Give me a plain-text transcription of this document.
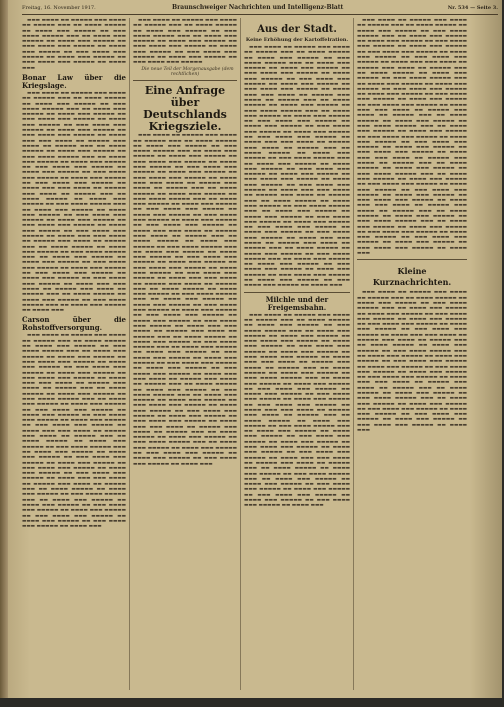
Freitag, 16. November 1917.	Braunschweiger Nachrichten und Intelligenz-Blatt	Nr. 534 — Seite 3.

▬▬▬ ▬▬▬▬ ▬▬ ▬▬▬▬▬ ▬▬▬ ▬▬▬▬ ▬▬ ▬▬▬▬▬ ▬▬▬ ▬▬ ▬▬▬▬ ▬▬▬▬▬ ▬▬ ▬▬▬▬ ▬▬▬ ▬▬▬▬▬ ▬▬ ▬▬▬ ▬▬▬▬ ▬▬▬▬▬ ▬▬▬ ▬▬ ▬▬▬▬ ▬▬▬ ▬▬▬▬▬ ▬▬ ▬▬▬▬ ▬▬▬ ▬▬▬▬▬ ▬▬ ▬▬▬ ▬▬▬▬ ▬▬▬ ▬▬▬▬▬ ▬▬ ▬▬▬▬ ▬▬▬ ▬▬▬▬▬ ▬▬ ▬▬▬ ▬▬▬▬ ▬▬▬ ▬▬▬▬▬ ▬▬ ▬▬▬▬ ▬▬▬ ▬▬▬▬▬ ▬▬ ▬▬▬ ▬▬▬▬ ▬▬▬ ▬▬▬▬▬ ▬▬ ▬▬▬▬ ▬▬▬

Bonar Law über die Kriegslage.

▬▬▬ ▬▬▬▬ ▬▬ ▬▬▬▬▬ ▬▬▬ ▬▬▬▬ ▬▬ ▬▬▬▬▬ ▬▬▬ ▬▬ ▬▬▬▬ ▬▬▬▬▬ ▬▬ ▬▬▬▬ ▬▬▬ ▬▬▬▬▬ ▬▬ ▬▬▬ ▬▬▬▬ ▬▬▬▬▬ ▬▬▬ ▬▬ ▬▬▬▬ ▬▬▬ ▬▬▬▬▬ ▬▬ ▬▬▬▬ ▬▬▬ ▬▬▬▬▬ ▬▬ ▬▬▬ ▬▬▬▬ ▬▬▬ ▬▬▬▬▬ ▬▬ ▬▬▬▬ ▬▬▬ ▬▬▬▬▬ ▬▬ ▬▬▬ ▬▬▬▬ ▬▬▬ ▬▬▬▬▬ ▬▬ ▬▬▬▬ ▬▬▬ ▬▬▬▬▬ ▬▬ ▬▬▬ ▬▬▬▬ ▬▬▬ ▬▬▬▬▬ ▬▬ ▬▬▬▬ ▬▬▬ ▬▬▬ ▬▬▬▬ ▬▬ ▬▬▬▬▬ ▬▬▬ ▬▬▬▬ ▬▬ ▬▬▬▬▬ ▬▬▬ ▬▬ ▬▬▬▬ ▬▬▬▬▬ ▬▬ ▬▬▬▬ ▬▬▬ ▬▬▬▬▬ ▬▬ ▬▬▬ ▬▬▬▬ ▬▬▬▬▬ ▬▬▬ ▬▬ ▬▬▬▬ ▬▬▬ ▬▬▬▬▬ ▬▬ ▬▬▬▬ ▬▬▬ ▬▬▬▬▬ ▬▬ ▬▬▬ ▬▬▬▬ ▬▬▬ ▬▬▬▬▬ ▬▬ ▬▬▬▬ ▬▬▬ ▬▬▬▬▬ ▬▬ ▬▬▬ ▬▬▬▬ ▬▬▬ ▬▬▬▬▬ ▬▬ ▬▬▬▬ ▬▬▬ ▬▬▬▬▬ ▬▬ ▬▬▬ ▬▬▬▬ ▬▬▬ ▬▬▬▬▬ ▬▬ ▬▬▬▬ ▬▬▬ ▬▬▬ ▬▬▬▬ ▬▬ ▬▬▬▬▬ ▬▬▬ ▬▬▬▬ ▬▬ ▬▬▬▬▬ ▬▬▬ ▬▬ ▬▬▬▬ ▬▬▬▬▬ ▬▬ ▬▬▬▬ ▬▬▬ ▬▬▬▬▬ ▬▬ ▬▬▬ ▬▬▬▬ ▬▬▬▬▬ ▬▬▬ ▬▬ ▬▬▬▬ ▬▬▬ ▬▬▬▬▬ ▬▬ ▬▬▬▬ ▬▬▬ ▬▬▬▬▬ ▬▬ ▬▬▬ ▬▬▬▬ ▬▬▬ ▬▬▬▬▬ ▬▬ ▬▬▬▬ ▬▬▬ ▬▬▬▬▬ ▬▬ ▬▬▬ ▬▬▬▬ ▬▬▬ ▬▬▬▬▬ ▬▬ ▬▬▬▬ ▬▬▬ ▬▬▬▬▬ ▬▬ ▬▬▬ ▬▬▬▬ ▬▬▬ ▬▬▬▬▬ ▬▬ ▬▬▬▬ ▬▬▬ ▬▬▬ ▬▬▬▬ ▬▬ ▬▬▬▬▬ ▬▬▬ ▬▬▬▬ ▬▬ ▬▬▬▬▬ ▬▬▬ ▬▬ ▬▬▬▬ ▬▬▬▬▬ ▬▬ ▬▬▬▬ ▬▬▬ ▬▬▬▬▬ ▬▬ ▬▬▬ ▬▬▬▬ ▬▬▬▬▬ ▬▬▬ ▬▬ ▬▬▬▬ ▬▬▬ ▬▬▬▬▬ ▬▬ ▬▬▬▬ ▬▬▬ ▬▬▬▬▬ ▬▬ ▬▬▬ ▬▬▬▬ ▬▬▬ ▬▬▬▬▬ ▬▬ ▬▬▬▬ ▬▬▬ ▬▬▬▬▬ ▬▬ ▬▬▬ ▬▬▬▬ ▬▬▬ ▬▬▬▬▬ ▬▬ ▬▬▬▬ ▬▬▬ ▬▬▬▬▬ ▬▬ ▬▬▬ ▬▬▬▬ ▬▬▬ ▬▬▬▬▬ ▬▬ ▬▬▬▬ ▬▬▬ ▬▬▬ ▬▬▬▬ ▬▬ ▬▬▬▬▬ ▬▬▬ ▬▬▬▬ ▬▬ ▬▬▬▬▬ ▬▬▬ ▬▬ ▬▬▬▬ ▬▬▬▬▬ ▬▬ ▬▬▬▬ ▬▬▬ ▬▬▬▬▬ ▬▬ ▬▬▬ ▬▬▬▬ ▬▬▬▬▬ ▬▬▬ ▬▬ ▬▬▬▬ ▬▬▬ ▬▬▬▬▬ ▬▬ ▬▬▬▬ ▬▬▬

Carson über die Rohstoffversorgung.

▬▬▬ ▬▬▬▬ ▬▬ ▬▬▬▬▬ ▬▬▬ ▬▬▬▬ ▬▬ ▬▬▬▬▬ ▬▬▬ ▬▬ ▬▬▬▬ ▬▬▬▬▬ ▬▬ ▬▬▬▬ ▬▬▬ ▬▬▬▬▬ ▬▬ ▬▬▬ ▬▬▬▬ ▬▬▬▬▬ ▬▬▬ ▬▬ ▬▬▬▬ ▬▬▬ ▬▬▬▬▬ ▬▬ ▬▬▬▬ ▬▬▬ ▬▬▬▬▬ ▬▬ ▬▬▬ ▬▬▬▬ ▬▬▬ ▬▬▬▬▬ ▬▬ ▬▬▬▬ ▬▬▬ ▬▬▬▬▬ ▬▬ ▬▬▬ ▬▬▬▬ ▬▬▬ ▬▬▬▬▬ ▬▬ ▬▬▬▬ ▬▬▬ ▬▬▬▬▬ ▬▬ ▬▬▬ ▬▬▬▬ ▬▬▬ ▬▬▬▬▬ ▬▬ ▬▬▬▬ ▬▬▬ ▬▬▬ ▬▬▬▬ ▬▬ ▬▬▬▬▬ ▬▬▬ ▬▬▬▬ ▬▬ ▬▬▬▬▬ ▬▬▬ ▬▬ ▬▬▬▬ ▬▬▬▬▬ ▬▬ ▬▬▬▬ ▬▬▬ ▬▬▬▬▬ ▬▬ ▬▬▬ ▬▬▬▬ ▬▬▬▬▬ ▬▬▬ ▬▬ ▬▬▬▬ ▬▬▬ ▬▬▬▬▬ ▬▬ ▬▬▬▬ ▬▬▬ ▬▬▬▬▬ ▬▬ ▬▬▬ ▬▬▬▬ ▬▬▬ ▬▬▬▬▬ ▬▬ ▬▬▬▬ ▬▬▬ ▬▬▬▬▬ ▬▬ ▬▬▬ ▬▬▬▬ ▬▬▬ ▬▬▬▬▬ ▬▬ ▬▬▬▬ ▬▬▬ ▬▬▬▬▬ ▬▬ ▬▬▬ ▬▬▬▬ ▬▬▬ ▬▬▬▬▬ ▬▬ ▬▬▬▬ ▬▬▬ ▬▬▬ ▬▬▬▬ ▬▬ ▬▬▬▬▬ ▬▬▬ ▬▬▬▬ ▬▬ ▬▬▬▬▬ ▬▬▬ ▬▬ ▬▬▬▬ ▬▬▬▬▬ ▬▬ ▬▬▬▬ ▬▬▬ ▬▬▬▬▬ ▬▬ ▬▬▬ ▬▬▬▬ ▬▬▬▬▬ ▬▬▬ ▬▬ ▬▬▬▬ ▬▬▬ ▬▬▬▬▬ ▬▬ ▬▬▬▬ ▬▬▬ ▬▬▬▬▬ ▬▬ ▬▬▬ ▬▬▬▬ ▬▬▬ ▬▬▬▬▬ ▬▬ ▬▬▬▬ ▬▬▬ ▬▬▬▬▬ ▬▬ ▬▬▬ ▬▬▬▬ ▬▬▬ ▬▬▬▬▬ ▬▬ ▬▬▬▬ ▬▬▬ ▬▬▬▬▬ ▬▬ ▬▬▬ ▬▬▬▬ ▬▬▬ ▬▬▬▬▬ ▬▬ ▬▬▬▬ ▬▬▬ ▬▬▬ ▬▬▬▬ ▬▬ ▬▬▬▬▬ ▬▬▬ ▬▬▬▬ ▬▬ ▬▬▬▬▬ ▬▬▬ ▬▬ ▬▬▬▬ ▬▬▬▬▬ ▬▬ ▬▬▬▬ ▬▬▬ ▬▬▬▬▬ ▬▬ ▬▬▬ ▬▬▬▬ ▬▬▬▬▬ ▬▬▬ ▬▬ ▬▬▬▬ ▬▬▬ ▬▬▬▬▬ ▬▬ ▬▬▬▬ ▬▬▬ ▬▬▬▬▬ ▬▬ ▬▬▬ ▬▬▬▬ ▬▬▬ ▬▬▬▬▬ ▬▬ ▬▬▬▬ ▬▬▬ ▬▬▬▬▬ ▬▬ ▬▬▬ ▬▬▬▬ ▬▬▬ ▬▬▬▬▬ ▬▬ ▬▬▬▬ ▬▬▬ ▬▬▬▬▬ ▬▬ ▬▬▬ ▬▬▬▬ ▬▬▬ ▬▬▬▬▬ ▬▬ ▬▬▬▬ ▬▬▬

▬▬▬ ▬▬▬▬ ▬▬ ▬▬▬▬▬ ▬▬▬ ▬▬▬▬ ▬▬ ▬▬▬▬▬ ▬▬▬ ▬▬ ▬▬▬▬ ▬▬▬▬▬ ▬▬ ▬▬▬▬ ▬▬▬ ▬▬▬▬▬ ▬▬ ▬▬▬ ▬▬▬▬ ▬▬▬▬▬ ▬▬▬ ▬▬ ▬▬▬▬ ▬▬▬ ▬▬▬▬▬ ▬▬ ▬▬▬▬ ▬▬▬ ▬▬▬▬▬ ▬▬ ▬▬▬ ▬▬▬▬ ▬▬▬ ▬▬▬▬▬ ▬▬ ▬▬▬▬ ▬▬▬ ▬▬▬▬▬ ▬▬ ▬▬▬ ▬▬▬▬ ▬▬▬ ▬▬▬▬▬ ▬▬ ▬▬▬▬ ▬▬▬ ▬▬▬▬▬ ▬▬ ▬▬▬ ▬▬▬▬ ▬▬▬ ▬▬▬▬▬

Die neue Teil der Morgenausgabe (dem rechtlichen)

Eine Anfrage über Deutschlands Kriegsziele.

▬▬▬ ▬▬▬▬ ▬▬ ▬▬▬▬▬ ▬▬▬ ▬▬▬▬ ▬▬ ▬▬▬▬▬ ▬▬▬ ▬▬ ▬▬▬▬ ▬▬▬▬▬ ▬▬ ▬▬▬▬ ▬▬▬ ▬▬▬▬▬ ▬▬ ▬▬▬ ▬▬▬▬ ▬▬▬▬▬ ▬▬▬ ▬▬ ▬▬▬▬ ▬▬▬ ▬▬▬▬▬ ▬▬ ▬▬▬▬ ▬▬▬ ▬▬▬▬▬ ▬▬ ▬▬▬ ▬▬▬▬ ▬▬▬ ▬▬▬▬▬ ▬▬ ▬▬▬▬ ▬▬▬ ▬▬▬▬▬ ▬▬ ▬▬▬ ▬▬▬▬ ▬▬▬ ▬▬▬▬▬ ▬▬ ▬▬▬▬ ▬▬▬ ▬▬▬▬▬ ▬▬ ▬▬▬ ▬▬▬▬ ▬▬▬ ▬▬▬▬▬ ▬▬ ▬▬▬▬ ▬▬▬ ▬▬▬ ▬▬▬▬ ▬▬ ▬▬▬▬▬ ▬▬▬ ▬▬▬▬ ▬▬ ▬▬▬▬▬ ▬▬▬ ▬▬ ▬▬▬▬ ▬▬▬▬▬ ▬▬ ▬▬▬▬ ▬▬▬ ▬▬▬▬▬ ▬▬ ▬▬▬ ▬▬▬▬ ▬▬▬▬▬ ▬▬▬ ▬▬ ▬▬▬▬ ▬▬▬ ▬▬▬▬▬ ▬▬ ▬▬▬▬ ▬▬▬ ▬▬▬▬▬ ▬▬ ▬▬▬ ▬▬▬▬ ▬▬▬ ▬▬▬▬▬ ▬▬ ▬▬▬▬ ▬▬▬ ▬▬▬▬▬ ▬▬ ▬▬▬ ▬▬▬▬ ▬▬▬ ▬▬▬▬▬ ▬▬ ▬▬▬▬ ▬▬▬ ▬▬▬▬▬ ▬▬ ▬▬▬ ▬▬▬▬ ▬▬▬ ▬▬▬▬▬ ▬▬ ▬▬▬▬ ▬▬▬ ▬▬▬ ▬▬▬▬ ▬▬ ▬▬▬▬▬ ▬▬▬ ▬▬▬▬ ▬▬ ▬▬▬▬▬ ▬▬▬ ▬▬ ▬▬▬▬ ▬▬▬▬▬ ▬▬ ▬▬▬▬ ▬▬▬ ▬▬▬▬▬ ▬▬ ▬▬▬ ▬▬▬▬ ▬▬▬▬▬ ▬▬▬ ▬▬ ▬▬▬▬ ▬▬▬ ▬▬▬▬▬ ▬▬ ▬▬▬▬ ▬▬▬ ▬▬▬▬▬ ▬▬ ▬▬▬ ▬▬▬▬ ▬▬▬ ▬▬▬▬▬ ▬▬ ▬▬▬▬ ▬▬▬ ▬▬▬▬▬ ▬▬ ▬▬▬ ▬▬▬▬ ▬▬▬ ▬▬▬▬▬ ▬▬ ▬▬▬▬ ▬▬▬ ▬▬▬▬▬ ▬▬ ▬▬▬ ▬▬▬▬ ▬▬▬ ▬▬▬▬▬ ▬▬ ▬▬▬▬ ▬▬▬ ▬▬▬ ▬▬▬▬ ▬▬ ▬▬▬▬▬ ▬▬▬ ▬▬▬▬ ▬▬ ▬▬▬▬▬ ▬▬▬ ▬▬ ▬▬▬▬ ▬▬▬▬▬ ▬▬ ▬▬▬▬ ▬▬▬ ▬▬▬▬▬ ▬▬ ▬▬▬ ▬▬▬▬ ▬▬▬▬▬ ▬▬▬ ▬▬ ▬▬▬▬ ▬▬▬ ▬▬▬▬▬ ▬▬ ▬▬▬▬ ▬▬▬ ▬▬▬▬▬ ▬▬ ▬▬▬ ▬▬▬▬ ▬▬▬ ▬▬▬▬▬ ▬▬ ▬▬▬▬ ▬▬▬ ▬▬▬▬▬ ▬▬ ▬▬▬ ▬▬▬▬ ▬▬▬ ▬▬▬▬▬ ▬▬ ▬▬▬▬ ▬▬▬ ▬▬▬▬▬ ▬▬ ▬▬▬ ▬▬▬▬ ▬▬▬ ▬▬▬▬▬ ▬▬ ▬▬▬▬ ▬▬▬ ▬▬▬ ▬▬▬▬ ▬▬ ▬▬▬▬▬ ▬▬▬ ▬▬▬▬ ▬▬ ▬▬▬▬▬ ▬▬▬ ▬▬ ▬▬▬▬ ▬▬▬▬▬ ▬▬ ▬▬▬▬ ▬▬▬ ▬▬▬▬▬ ▬▬ ▬▬▬ ▬▬▬▬ ▬▬▬▬▬ ▬▬▬ ▬▬ ▬▬▬▬ ▬▬▬ ▬▬▬▬▬ ▬▬ ▬▬▬▬ ▬▬▬ ▬▬▬▬▬ ▬▬ ▬▬▬ ▬▬▬▬ ▬▬▬ ▬▬▬▬▬ ▬▬ ▬▬▬▬ ▬▬▬ ▬▬▬▬▬ ▬▬ ▬▬▬ ▬▬▬▬ ▬▬▬ ▬▬▬▬▬ ▬▬ ▬▬▬▬ ▬▬▬ ▬▬▬▬▬ ▬▬ ▬▬▬ ▬▬▬▬ ▬▬▬ ▬▬▬▬▬ ▬▬ ▬▬▬▬ ▬▬▬ ▬▬▬ ▬▬▬▬ ▬▬ ▬▬▬▬▬ ▬▬▬ ▬▬▬▬ ▬▬ ▬▬▬▬▬ ▬▬▬ ▬▬ ▬▬▬▬ ▬▬▬▬▬ ▬▬ ▬▬▬▬ ▬▬▬ ▬▬▬▬▬ ▬▬ ▬▬▬ ▬▬▬▬ ▬▬▬▬▬ ▬▬▬ ▬▬ ▬▬▬▬ ▬▬▬ ▬▬▬▬▬ ▬▬ ▬▬▬▬ ▬▬▬ ▬▬▬▬▬ ▬▬ ▬▬▬ ▬▬▬▬ ▬▬▬ ▬▬▬▬▬ ▬▬ ▬▬▬▬ ▬▬▬ ▬▬▬▬▬ ▬▬ ▬▬▬ ▬▬▬▬ ▬▬▬ ▬▬▬▬▬ ▬▬ ▬▬▬▬ ▬▬▬ ▬▬▬▬▬ ▬▬ ▬▬▬ ▬▬▬▬ ▬▬▬ ▬▬▬▬▬ ▬▬ ▬▬▬▬ ▬▬▬ ▬▬▬ ▬▬▬▬ ▬▬ ▬▬▬▬▬ ▬▬▬ ▬▬▬▬ ▬▬ ▬▬▬▬▬ ▬▬▬ ▬▬ ▬▬▬▬ ▬▬▬▬▬ ▬▬ ▬▬▬▬ ▬▬▬ ▬▬▬▬▬ ▬▬ ▬▬▬ ▬▬▬▬ ▬▬▬▬▬ ▬▬▬ ▬▬ ▬▬▬▬ ▬▬▬ ▬▬▬▬▬ ▬▬ ▬▬▬▬ ▬▬▬ ▬▬▬▬▬ ▬▬ ▬▬▬ ▬▬▬▬ ▬▬▬ ▬▬▬▬▬ ▬▬ ▬▬▬▬ ▬▬▬ ▬▬▬▬▬ ▬▬ ▬▬▬ ▬▬▬▬ ▬▬▬ ▬▬▬▬▬ ▬▬ ▬▬▬▬ ▬▬▬

Aus der Stadt.
Keine Erhöhung der Kartoffelration.

▬▬▬ ▬▬▬▬ ▬▬ ▬▬▬▬▬ ▬▬▬ ▬▬▬▬ ▬▬ ▬▬▬▬▬ ▬▬▬ ▬▬ ▬▬▬▬ ▬▬▬▬▬ ▬▬ ▬▬▬▬ ▬▬▬ ▬▬▬▬▬ ▬▬ ▬▬▬ ▬▬▬▬ ▬▬▬▬▬ ▬▬▬ ▬▬ ▬▬▬▬ ▬▬▬ ▬▬▬▬▬ ▬▬ ▬▬▬▬ ▬▬▬ ▬▬▬▬▬ ▬▬ ▬▬▬ ▬▬▬▬ ▬▬▬ ▬▬▬▬▬ ▬▬ ▬▬▬▬ ▬▬▬ ▬▬▬▬▬ ▬▬ ▬▬▬ ▬▬▬▬ ▬▬▬ ▬▬▬▬▬ ▬▬ ▬▬▬▬ ▬▬▬ ▬▬▬▬▬ ▬▬ ▬▬▬ ▬▬▬▬ ▬▬▬ ▬▬▬▬▬ ▬▬ ▬▬▬▬ ▬▬▬ ▬▬▬ ▬▬▬▬ ▬▬ ▬▬▬▬▬ ▬▬▬ ▬▬▬▬ ▬▬ ▬▬▬▬▬ ▬▬▬ ▬▬ ▬▬▬▬ ▬▬▬▬▬ ▬▬ ▬▬▬▬ ▬▬▬ ▬▬▬▬▬ ▬▬ ▬▬▬ ▬▬▬▬ ▬▬▬▬▬ ▬▬▬ ▬▬ ▬▬▬▬ ▬▬▬ ▬▬▬▬▬ ▬▬ ▬▬▬▬ ▬▬▬ ▬▬▬▬▬ ▬▬ ▬▬▬ ▬▬▬▬ ▬▬▬ ▬▬▬▬▬ ▬▬ ▬▬▬▬ ▬▬▬ ▬▬▬▬▬ ▬▬ ▬▬▬ ▬▬▬▬ ▬▬▬ ▬▬▬▬▬ ▬▬ ▬▬▬▬ ▬▬▬ ▬▬▬▬▬ ▬▬ ▬▬▬ ▬▬▬▬ ▬▬▬ ▬▬▬▬▬ ▬▬ ▬▬▬▬ ▬▬▬ ▬▬▬ ▬▬▬▬ ▬▬ ▬▬▬▬▬ ▬▬▬ ▬▬▬▬ ▬▬ ▬▬▬▬▬ ▬▬▬ ▬▬ ▬▬▬▬ ▬▬▬▬▬ ▬▬ ▬▬▬▬ ▬▬▬ ▬▬▬▬▬ ▬▬ ▬▬▬ ▬▬▬▬ ▬▬▬▬▬ ▬▬▬ ▬▬ ▬▬▬▬ ▬▬▬ ▬▬▬▬▬ ▬▬ ▬▬▬▬ ▬▬▬ ▬▬▬▬▬ ▬▬ ▬▬▬ ▬▬▬▬ ▬▬▬ ▬▬▬▬▬ ▬▬ ▬▬▬▬ ▬▬▬ ▬▬▬▬▬ ▬▬ ▬▬▬ ▬▬▬▬ ▬▬▬ ▬▬▬▬▬ ▬▬ ▬▬▬▬ ▬▬▬ ▬▬▬▬▬ ▬▬ ▬▬▬ ▬▬▬▬ ▬▬▬ ▬▬▬▬▬ ▬▬ ▬▬▬▬ ▬▬▬ ▬▬▬ ▬▬▬▬ ▬▬ ▬▬▬▬▬ ▬▬▬ ▬▬▬▬ ▬▬ ▬▬▬▬▬ ▬▬▬ ▬▬ ▬▬▬▬ ▬▬▬▬▬ ▬▬ ▬▬▬▬ ▬▬▬ ▬▬▬▬▬ ▬▬ ▬▬▬ ▬▬▬▬ ▬▬▬▬▬ ▬▬▬ ▬▬ ▬▬▬▬ ▬▬▬ ▬▬▬▬▬ ▬▬ ▬▬▬▬ ▬▬▬ ▬▬▬▬▬ ▬▬ ▬▬▬ ▬▬▬▬ ▬▬▬ ▬▬▬▬▬ ▬▬ ▬▬▬▬ ▬▬▬ ▬▬▬▬▬ ▬▬ ▬▬▬ ▬▬▬▬ ▬▬▬ ▬▬▬▬▬ ▬▬ ▬▬▬▬ ▬▬▬ ▬▬▬▬▬ ▬▬ ▬▬▬ ▬▬▬▬ ▬▬▬ ▬▬▬▬▬ ▬▬ ▬▬▬▬ ▬▬▬ ▬▬▬ ▬▬▬▬ ▬▬ ▬▬▬▬▬ ▬▬▬ ▬▬▬▬ ▬▬ ▬▬▬▬▬ ▬▬▬ ▬▬ ▬▬▬▬ ▬▬▬▬▬ ▬▬ ▬▬▬▬ ▬▬▬ ▬▬▬▬▬ ▬▬ ▬▬▬ ▬▬▬▬ ▬▬▬▬▬ ▬▬▬ ▬▬ ▬▬▬▬ ▬▬▬ ▬▬▬▬▬ ▬▬ ▬▬▬▬ ▬▬▬ ▬▬▬▬▬ ▬▬ ▬▬▬ ▬▬▬▬ ▬▬▬ ▬▬▬▬▬ ▬▬ ▬▬▬▬ ▬▬▬ ▬▬▬▬▬ ▬▬ ▬▬▬ ▬▬▬▬ ▬▬▬ ▬▬▬▬▬ ▬▬ ▬▬▬▬ ▬▬▬ ▬▬▬▬▬ ▬▬ ▬▬▬ ▬▬▬▬ ▬▬▬ ▬▬▬▬▬ ▬▬ ▬▬▬▬ ▬▬▬

Milchle und der Freigemsbahn.

▬▬▬ ▬▬▬▬ ▬▬ ▬▬▬▬▬ ▬▬▬ ▬▬▬▬ ▬▬ ▬▬▬▬▬ ▬▬▬ ▬▬ ▬▬▬▬ ▬▬▬▬▬ ▬▬ ▬▬▬▬ ▬▬▬ ▬▬▬▬▬ ▬▬ ▬▬▬ ▬▬▬▬ ▬▬▬▬▬ ▬▬▬ ▬▬ ▬▬▬▬ ▬▬▬ ▬▬▬▬▬ ▬▬ ▬▬▬▬ ▬▬▬ ▬▬▬▬▬ ▬▬ ▬▬▬ ▬▬▬▬ ▬▬▬ ▬▬▬▬▬ ▬▬ ▬▬▬▬ ▬▬▬ ▬▬▬▬▬ ▬▬ ▬▬▬ ▬▬▬▬ ▬▬▬ ▬▬▬▬▬ ▬▬ ▬▬▬▬ ▬▬▬ ▬▬▬▬▬ ▬▬ ▬▬▬ ▬▬▬▬ ▬▬▬ ▬▬▬▬▬ ▬▬ ▬▬▬▬ ▬▬▬ ▬▬▬ ▬▬▬▬ ▬▬ ▬▬▬▬▬ ▬▬▬ ▬▬▬▬ ▬▬ ▬▬▬▬▬ ▬▬▬ ▬▬ ▬▬▬▬ ▬▬▬▬▬ ▬▬ ▬▬▬▬ ▬▬▬ ▬▬▬▬▬ ▬▬ ▬▬▬ ▬▬▬▬ ▬▬▬▬▬ ▬▬▬ ▬▬ ▬▬▬▬ ▬▬▬ ▬▬▬▬▬ ▬▬ ▬▬▬▬ ▬▬▬ ▬▬▬▬▬ ▬▬ ▬▬▬ ▬▬▬▬ ▬▬▬ ▬▬▬▬▬ ▬▬ ▬▬▬▬ ▬▬▬ ▬▬▬▬▬ ▬▬ ▬▬▬ ▬▬▬▬ ▬▬▬ ▬▬▬▬▬ ▬▬ ▬▬▬▬ ▬▬▬ ▬▬▬▬▬ ▬▬ ▬▬▬ ▬▬▬▬ ▬▬▬ ▬▬▬▬▬ ▬▬ ▬▬▬▬ ▬▬▬ ▬▬▬ ▬▬▬▬ ▬▬ ▬▬▬▬▬ ▬▬▬ ▬▬▬▬ ▬▬ ▬▬▬▬▬ ▬▬▬ ▬▬ ▬▬▬▬ ▬▬▬▬▬ ▬▬ ▬▬▬▬ ▬▬▬ ▬▬▬▬▬ ▬▬ ▬▬▬ ▬▬▬▬ ▬▬▬▬▬ ▬▬▬ ▬▬ ▬▬▬▬ ▬▬▬ ▬▬▬▬▬ ▬▬ ▬▬▬▬ ▬▬▬ ▬▬▬▬▬ ▬▬ ▬▬▬ ▬▬▬▬ ▬▬▬ ▬▬▬▬▬ ▬▬ ▬▬▬▬ ▬▬▬ ▬▬▬▬▬ ▬▬ ▬▬▬ ▬▬▬▬ ▬▬▬ ▬▬▬▬▬ ▬▬ ▬▬▬▬ ▬▬▬ ▬▬▬▬▬ ▬▬ ▬▬▬ ▬▬▬▬ ▬▬▬ ▬▬▬▬▬ ▬▬ ▬▬▬▬ ▬▬▬ ▬▬▬ ▬▬▬▬ ▬▬ ▬▬▬▬▬ ▬▬▬ ▬▬▬▬ ▬▬ ▬▬▬▬▬ ▬▬▬ ▬▬ ▬▬▬▬ ▬▬▬▬▬ ▬▬ ▬▬▬▬ ▬▬▬ ▬▬▬▬▬ ▬▬ ▬▬▬ ▬▬▬▬ ▬▬▬▬▬ ▬▬▬ ▬▬ ▬▬▬▬ ▬▬▬ ▬▬▬▬▬ ▬▬ ▬▬▬▬ ▬▬▬ ▬▬▬▬▬ ▬▬ ▬▬▬ ▬▬▬▬ ▬▬▬ ▬▬▬▬▬ ▬▬ ▬▬▬▬ ▬▬▬ ▬▬▬▬▬ ▬▬ ▬▬▬ ▬▬▬▬ ▬▬▬ ▬▬▬▬▬ ▬▬ ▬▬▬▬ ▬▬▬ ▬▬▬▬▬ ▬▬ ▬▬▬ ▬▬▬▬ ▬▬▬ ▬▬▬▬▬ ▬▬ ▬▬▬▬ ▬▬▬

▬▬▬ ▬▬▬▬ ▬▬ ▬▬▬▬▬ ▬▬▬ ▬▬▬▬ ▬▬ ▬▬▬▬▬ ▬▬▬ ▬▬ ▬▬▬▬ ▬▬▬▬▬ ▬▬ ▬▬▬▬ ▬▬▬ ▬▬▬▬▬ ▬▬ ▬▬▬ ▬▬▬▬ ▬▬▬▬▬ ▬▬▬ ▬▬ ▬▬▬▬ ▬▬▬ ▬▬▬▬▬ ▬▬ ▬▬▬▬ ▬▬▬ ▬▬▬▬▬ ▬▬ ▬▬▬ ▬▬▬▬ ▬▬▬ ▬▬▬▬▬ ▬▬ ▬▬▬▬ ▬▬▬ ▬▬▬▬▬ ▬▬ ▬▬▬ ▬▬▬▬ ▬▬▬ ▬▬▬▬▬ ▬▬ ▬▬▬▬ ▬▬▬ ▬▬▬▬▬ ▬▬ ▬▬▬ ▬▬▬▬ ▬▬▬ ▬▬▬▬▬ ▬▬ ▬▬▬▬ ▬▬▬ ▬▬▬ ▬▬▬▬ ▬▬ ▬▬▬▬▬ ▬▬▬ ▬▬▬▬ ▬▬ ▬▬▬▬▬ ▬▬▬ ▬▬ ▬▬▬▬ ▬▬▬▬▬ ▬▬ ▬▬▬▬ ▬▬▬ ▬▬▬▬▬ ▬▬ ▬▬▬ ▬▬▬▬ ▬▬▬▬▬ ▬▬▬ ▬▬ ▬▬▬▬ ▬▬▬ ▬▬▬▬▬ ▬▬ ▬▬▬▬ ▬▬▬ ▬▬▬▬▬ ▬▬ ▬▬▬ ▬▬▬▬ ▬▬▬ ▬▬▬▬▬ ▬▬ ▬▬▬▬ ▬▬▬ ▬▬▬▬▬ ▬▬ ▬▬▬ ▬▬▬▬ ▬▬▬ ▬▬▬▬▬ ▬▬ ▬▬▬▬ ▬▬▬ ▬▬▬▬▬ ▬▬ ▬▬▬ ▬▬▬▬ ▬▬▬ ▬▬▬▬▬ ▬▬ ▬▬▬▬ ▬▬▬ ▬▬▬ ▬▬▬▬ ▬▬ ▬▬▬▬▬ ▬▬▬ ▬▬▬▬ ▬▬ ▬▬▬▬▬ ▬▬▬ ▬▬ ▬▬▬▬ ▬▬▬▬▬ ▬▬ ▬▬▬▬ ▬▬▬ ▬▬▬▬▬ ▬▬ ▬▬▬ ▬▬▬▬ ▬▬▬▬▬ ▬▬▬ ▬▬ ▬▬▬▬ ▬▬▬ ▬▬▬▬▬ ▬▬ ▬▬▬▬ ▬▬▬ ▬▬▬▬▬ ▬▬ ▬▬▬ ▬▬▬▬ ▬▬▬ ▬▬▬▬▬ ▬▬ ▬▬▬▬ ▬▬▬ ▬▬▬▬▬ ▬▬ ▬▬▬ ▬▬▬▬ ▬▬▬ ▬▬▬▬▬ ▬▬ ▬▬▬▬ ▬▬▬ ▬▬▬▬▬ ▬▬ ▬▬▬ ▬▬▬▬ ▬▬▬ ▬▬▬▬▬ ▬▬ ▬▬▬▬ ▬▬▬ ▬▬▬ ▬▬▬▬ ▬▬ ▬▬▬▬▬ ▬▬▬ ▬▬▬▬ ▬▬ ▬▬▬▬▬ ▬▬▬ ▬▬ ▬▬▬▬ ▬▬▬▬▬ ▬▬ ▬▬▬▬ ▬▬▬ ▬▬▬▬▬ ▬▬ ▬▬▬ ▬▬▬▬ ▬▬▬▬▬ ▬▬▬ ▬▬ ▬▬▬▬ ▬▬▬ ▬▬▬▬▬ ▬▬ ▬▬▬▬ ▬▬▬ ▬▬▬▬▬ ▬▬ ▬▬▬ ▬▬▬▬ ▬▬▬ ▬▬▬▬▬ ▬▬ ▬▬▬▬ ▬▬▬ ▬▬▬▬▬ ▬▬ ▬▬▬ ▬▬▬▬ ▬▬▬ ▬▬▬▬▬ ▬▬ ▬▬▬▬ ▬▬▬ ▬▬▬▬▬ ▬▬ ▬▬▬ ▬▬▬▬ ▬▬▬ ▬▬▬▬▬ ▬▬ ▬▬▬▬ ▬▬▬ ▬▬▬ ▬▬▬▬ ▬▬ ▬▬▬▬▬ ▬▬▬ ▬▬▬▬ ▬▬ ▬▬▬▬▬ ▬▬▬ ▬▬ ▬▬▬▬ ▬▬▬▬▬ ▬▬ ▬▬▬▬ ▬▬▬ ▬▬▬▬▬ ▬▬ ▬▬▬ ▬▬▬▬ ▬▬▬▬▬ ▬▬▬ ▬▬ ▬▬▬▬ ▬▬▬ ▬▬▬▬▬ ▬▬ ▬▬▬▬ ▬▬▬ ▬▬▬▬▬ ▬▬ ▬▬▬ ▬▬▬▬ ▬▬▬ ▬▬▬▬▬ ▬▬ ▬▬▬▬ ▬▬▬ ▬▬▬▬▬ ▬▬ ▬▬▬ ▬▬▬▬ ▬▬▬ ▬▬▬▬▬ ▬▬ ▬▬▬▬ ▬▬▬ ▬▬▬▬▬ ▬▬ ▬▬▬ ▬▬▬▬ ▬▬▬ ▬▬▬▬▬ ▬▬ ▬▬▬▬ ▬▬▬

Kleine Kurznachrichten.

▬▬▬ ▬▬▬▬ ▬▬ ▬▬▬▬▬ ▬▬▬ ▬▬▬▬ ▬▬ ▬▬▬▬▬ ▬▬▬ ▬▬ ▬▬▬▬ ▬▬▬▬▬ ▬▬ ▬▬▬▬ ▬▬▬ ▬▬▬▬▬ ▬▬ ▬▬▬ ▬▬▬▬ ▬▬▬▬▬ ▬▬▬ ▬▬ ▬▬▬▬ ▬▬▬ ▬▬▬▬▬ ▬▬ ▬▬▬▬ ▬▬▬ ▬▬▬▬▬ ▬▬ ▬▬▬ ▬▬▬▬ ▬▬▬ ▬▬▬▬▬ ▬▬ ▬▬▬▬ ▬▬▬ ▬▬▬▬▬ ▬▬ ▬▬▬ ▬▬▬▬ ▬▬▬ ▬▬▬▬▬ ▬▬ ▬▬▬▬ ▬▬▬ ▬▬▬▬▬ ▬▬ ▬▬▬ ▬▬▬▬ ▬▬▬ ▬▬▬▬▬ ▬▬ ▬▬▬▬ ▬▬▬ ▬▬▬ ▬▬▬▬ ▬▬ ▬▬▬▬▬ ▬▬▬ ▬▬▬▬ ▬▬ ▬▬▬▬▬ ▬▬▬ ▬▬ ▬▬▬▬ ▬▬▬▬▬ ▬▬ ▬▬▬▬ ▬▬▬ ▬▬▬▬▬ ▬▬ ▬▬▬ ▬▬▬▬ ▬▬▬▬▬ ▬▬▬ ▬▬ ▬▬▬▬ ▬▬▬ ▬▬▬▬▬ ▬▬ ▬▬▬▬ ▬▬▬ ▬▬▬▬▬ ▬▬ ▬▬▬ ▬▬▬▬ ▬▬▬ ▬▬▬▬▬ ▬▬ ▬▬▬▬ ▬▬▬ ▬▬▬▬▬ ▬▬ ▬▬▬ ▬▬▬▬ ▬▬▬ ▬▬▬▬▬ ▬▬ ▬▬▬▬ ▬▬▬ ▬▬▬▬▬ ▬▬ ▬▬▬ ▬▬▬▬ ▬▬▬ ▬▬▬▬▬ ▬▬ ▬▬▬▬ ▬▬▬ ▬▬▬ ▬▬▬▬ ▬▬ ▬▬▬▬▬ ▬▬▬ ▬▬▬▬ ▬▬ ▬▬▬▬▬ ▬▬▬ ▬▬ ▬▬▬▬ ▬▬▬▬▬ ▬▬ ▬▬▬▬ ▬▬▬ ▬▬▬▬▬ ▬▬ ▬▬▬ ▬▬▬▬ ▬▬▬▬▬ ▬▬▬ ▬▬ ▬▬▬▬ ▬▬▬ ▬▬▬▬▬ ▬▬ ▬▬▬▬ ▬▬▬ ▬▬▬▬▬ ▬▬ ▬▬▬ ▬▬▬▬ ▬▬▬ ▬▬▬▬▬ ▬▬ ▬▬▬▬ ▬▬▬ ▬▬▬▬▬ ▬▬ ▬▬▬ ▬▬▬▬ ▬▬▬ ▬▬▬▬▬ ▬▬ ▬▬▬▬ ▬▬▬ ▬▬▬▬▬ ▬▬ ▬▬▬ ▬▬▬▬ ▬▬▬ ▬▬▬▬▬ ▬▬ ▬▬▬▬ ▬▬▬
